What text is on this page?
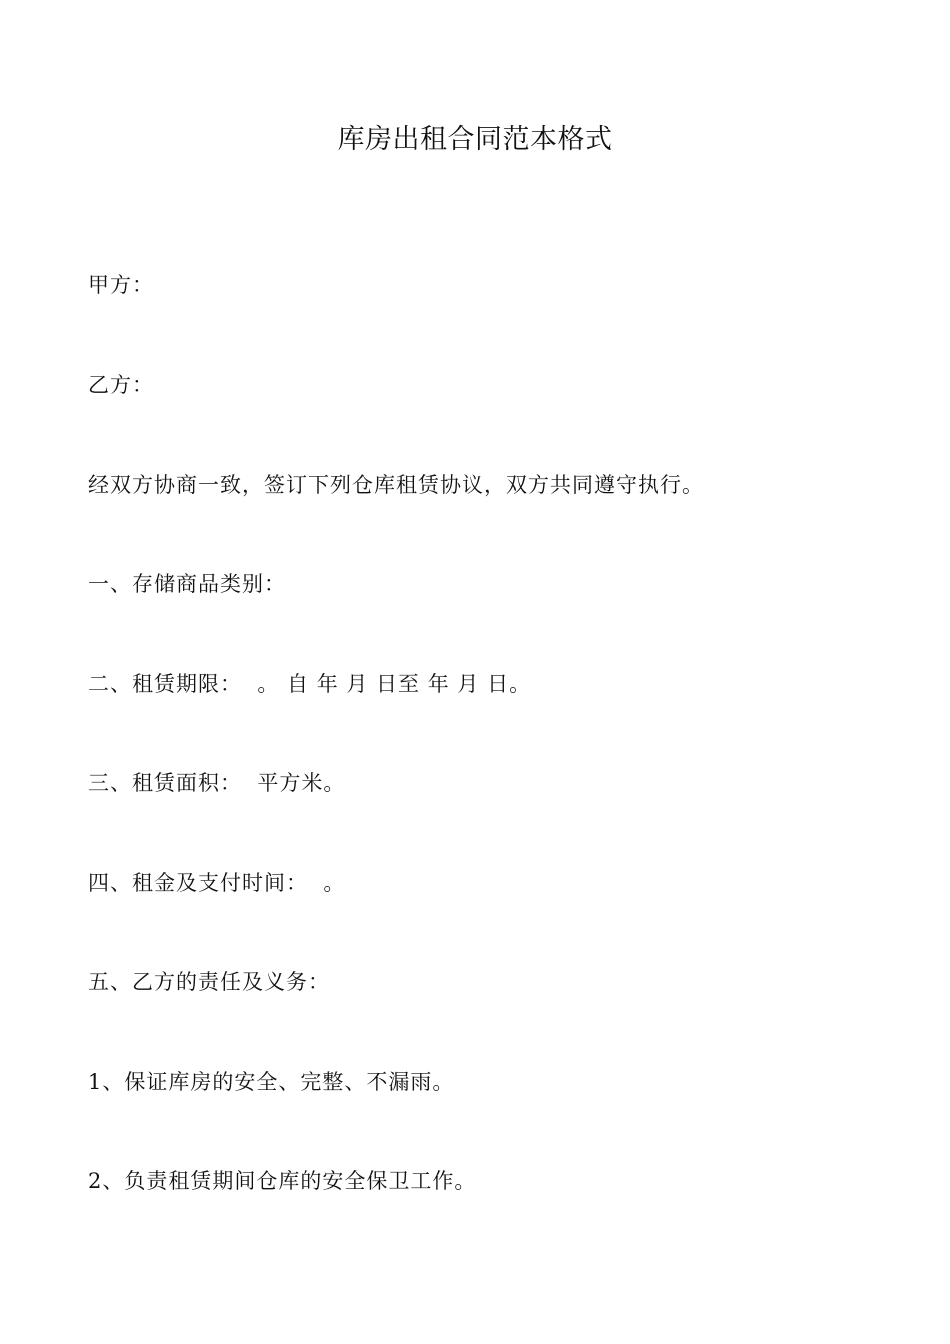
库房出租合同范本格式
甲方：
乙方：
经双方协商一致，签订下列仓库租赁协议，双方共同遵守执行。
一、存储商品类别：
二、租赁期限：  。 自 年 月 日至 年 月 日。
三、租赁面积：  平方米。
四、租金及支付时间：  。
五、乙方的责任及义务：
1、保证库房的安全、完整、不漏雨。
2、负责租赁期间仓库的安全保卫工作。
